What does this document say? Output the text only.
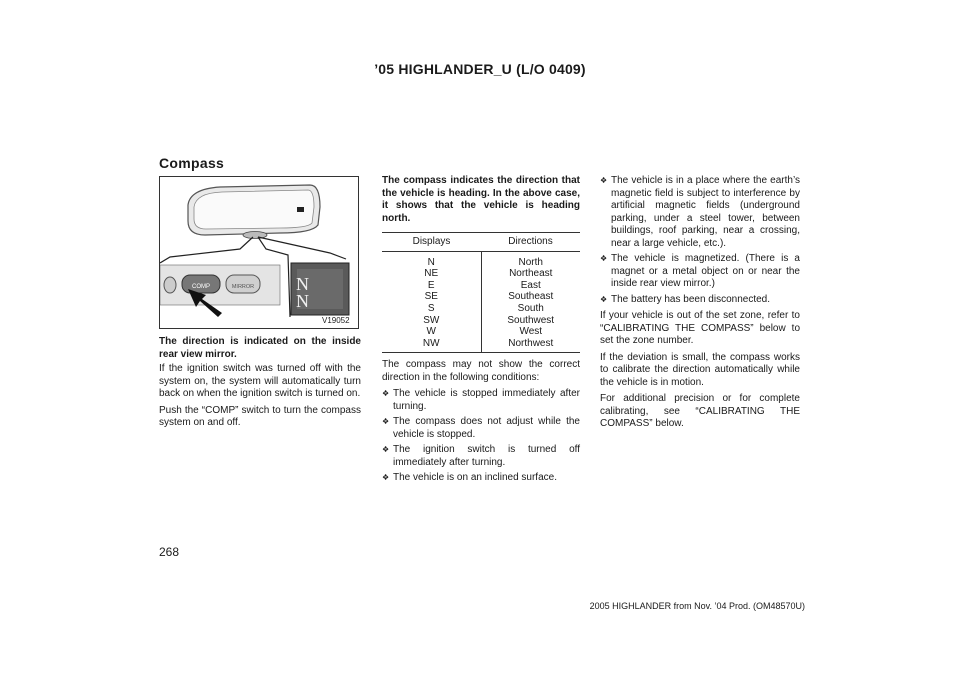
’05 HIGHLANDER_U (L/O 0409)
Compass
COMP	MIRROR N
N
V19052
The direction is indicated on the inside rear view mirror.

If the ignition switch was turned off with the system on, the system will automatically turn back on when the ignition switch is turned on.

Push the “COMP” switch to turn the compass system on and off.

The compass indicates the direction that the vehicle is heading. In the above case, it shows that the vehicle is heading north.

Displays	Directions
N	North
NE	Northeast
E	East
SE	Southeast
S	South
SW	Southwest
W	West
NW	Northwest

The compass may not show the correct direction in the following conditions:

❖ The vehicle is stopped immediately after turning.
❖ The compass does not adjust while the vehicle is stopped.
❖ The ignition switch is turned off immediately after turning.
❖ The vehicle is on an inclined surface.
❖ The vehicle is in a place where the earth’s magnetic field is subject to interference by artificial magnetic fields (underground parking, under a steel tower, between buildings, roof parking, near a crossing, near a large vehicle, etc.).
❖ The vehicle is magnetized. (There is a magnet or a metal object on or near the inside rear view mirror.)
❖ The battery has been disconnected.

If your vehicle is out of the set zone, refer to “CALIBRATING THE COMPASS” below to set the zone number.

If the deviation is small, the compass works to calibrate the direction automatically while the vehicle is in motion.

For additional precision or for complete calibrating, see “CALIBRATING THE COMPASS” below.

268
2005 HIGHLANDER from Nov. ’04 Prod. (OM48570U)
